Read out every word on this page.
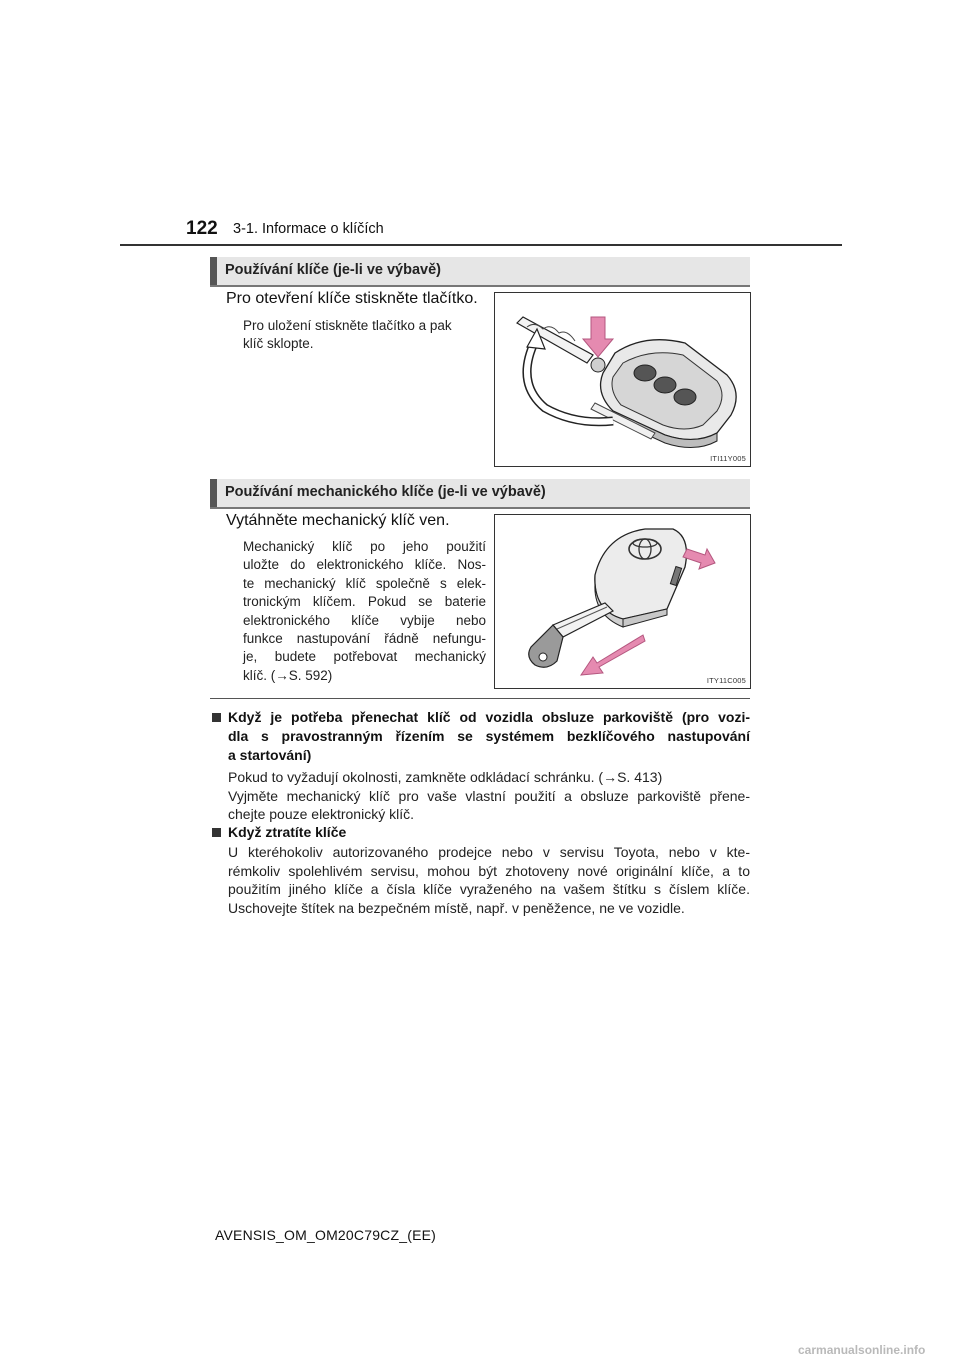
122 3-1. Informace o klíčích
Používání klíče (je-li ve výbavě)
Pro otevření klíče stiskněte tlačítko.
Pro uložení stiskněte tlačítko a pak
klíč sklopte.
ITI11Y005
Používání mechanického klíče (je-li ve výbavě)
Vytáhněte mechanický klíč ven.
Mechanický klíč po jeho použití
uložte do elektronického klíče. Nos-
te mechanický klíč společně s elek-
tronickým klíčem. Pokud se baterie
elektronického klíče vybije nebo
funkce nastupování řádně nefungu-
je, budete potřebovat mechanický
klíč. (→S. 592)	ITY11C005
Když je potřeba přenechat klíč od vozidla obsluze parkoviště (pro vozi-
dla s pravostranným řízením se systémem bezklíčového nastupování
a startování)
Pokud to vyžadují okolnosti, zamkněte odkládací schránku. (→S. 413)
Vyjměte mechanický klíč pro vaše vlastní použití a obsluze parkoviště přene-
chejte pouze elektronický klíč.
Když ztratíte klíče
U kteréhokoliv autorizovaného prodejce nebo v servisu Toyota, nebo v kte-
rémkoliv spolehlivém servisu, mohou být zhotoveny nové originální klíče, a to
použitím jiného klíče a čísla klíče vyraženého na vašem štítku s číslem klíče.
Uschovejte štítek na bezpečném místě, např. v peněžence, ne ve vozidle.
AVENSIS_OM_OM20C79CZ_(EE)
carmanualsonline.info
